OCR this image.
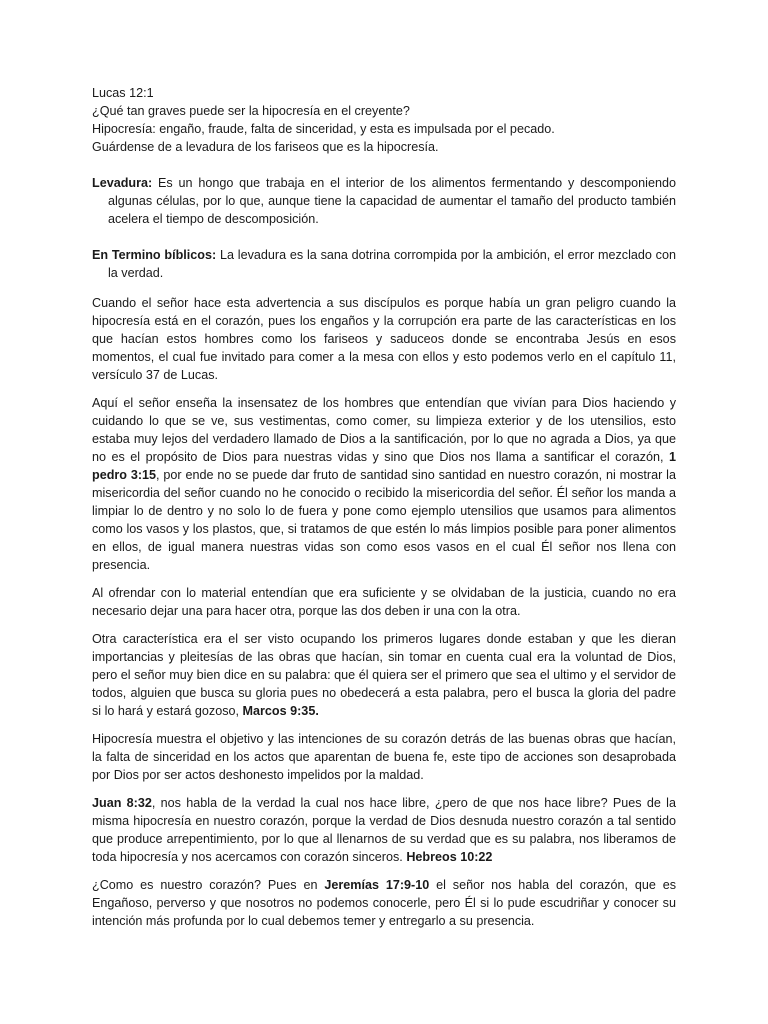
Lucas 12:1

¿Qué tan graves puede ser la hipocresía en el creyente?

Hipocresía: engaño, fraude, falta de sinceridad, y esta es impulsada por el pecado.

Guárdense de a levadura de los fariseos que es la hipocresía.

Levadura: Es un hongo que trabaja en el interior de los alimentos fermentando y descomponiendo algunas células, por lo que, aunque tiene la capacidad de aumentar el tamaño del producto también acelera el tiempo de descomposición.

En Termino bíblicos: La levadura es la sana dotrina corrompida por la ambición, el error mezclado con la verdad.

Cuando el señor hace esta advertencia a sus discípulos es porque había un gran peligro cuando la hipocresía está en el corazón, pues los engaños y la corrupción era parte de las características en los que hacían estos hombres como los fariseos y saduceos donde se encontraba Jesús en esos momentos, el cual fue invitado para comer a la mesa con ellos y esto podemos verlo en el capítulo 11, versículo 37 de Lucas.

Aquí el señor enseña la insensatez de los hombres que entendían que vivían para Dios haciendo y cuidando lo que se ve, sus vestimentas, como comer, su limpieza exterior y de los utensilios, esto estaba muy lejos del verdadero llamado de Dios a la santificación, por lo que no agrada a Dios, ya que no es el propósito de Dios para nuestras vidas y sino que Dios nos llama a santificar el corazón, 1 pedro 3:15, por ende no se puede dar fruto de santidad sino santidad en nuestro corazón, ni mostrar la misericordia del señor cuando no he conocido o recibido la misericordia del señor. Él señor los manda a limpiar lo de dentro y no solo lo de fuera y pone como ejemplo utensilios que usamos para alimentos como los vasos y los plastos, que, si tratamos de que estén lo más limpios posible para poner alimentos en ellos, de igual manera nuestras vidas son como esos vasos en el cual Él señor nos llena con presencia.

Al ofrendar con lo material entendían que era suficiente y se olvidaban de la justicia, cuando no era necesario dejar una para hacer otra, porque las dos deben ir una con la otra.

Otra característica era el ser visto ocupando los primeros lugares donde estaban y que les dieran importancias y pleitesías de las obras que hacían, sin tomar en cuenta cual era la voluntad de Dios, pero el señor muy bien dice en su palabra: que él quiera ser el primero que sea el ultimo y el servidor de todos, alguien que busca su gloria pues no obedecerá a esta palabra, pero el busca la gloria del padre si lo hará y estará gozoso, Marcos 9:35.

Hipocresía muestra el objetivo y las intenciones de su corazón detrás de las buenas obras que hacían, la falta de sinceridad en los actos que aparentan de buena fe, este tipo de acciones son desaprobada por Dios por ser actos deshonesto impelidos por la maldad.

Juan 8:32, nos habla de la verdad la cual nos hace libre, ¿pero de que nos hace libre? Pues de la misma hipocresía en nuestro corazón, porque la verdad de Dios desnuda nuestro corazón a tal sentido que produce arrepentimiento, por lo que al llenarnos de su verdad que es su palabra, nos liberamos de toda hipocresía y nos acercamos con corazón sinceros. Hebreos 10:22

¿Como es nuestro corazón? Pues en Jeremías 17:9-10 el señor nos habla del corazón, que es Engañoso, perverso y que nosotros no podemos conocerle, pero Él si lo pude escudriñar y conocer su intención más profunda por lo cual debemos temer y entregarlo a su presencia.
